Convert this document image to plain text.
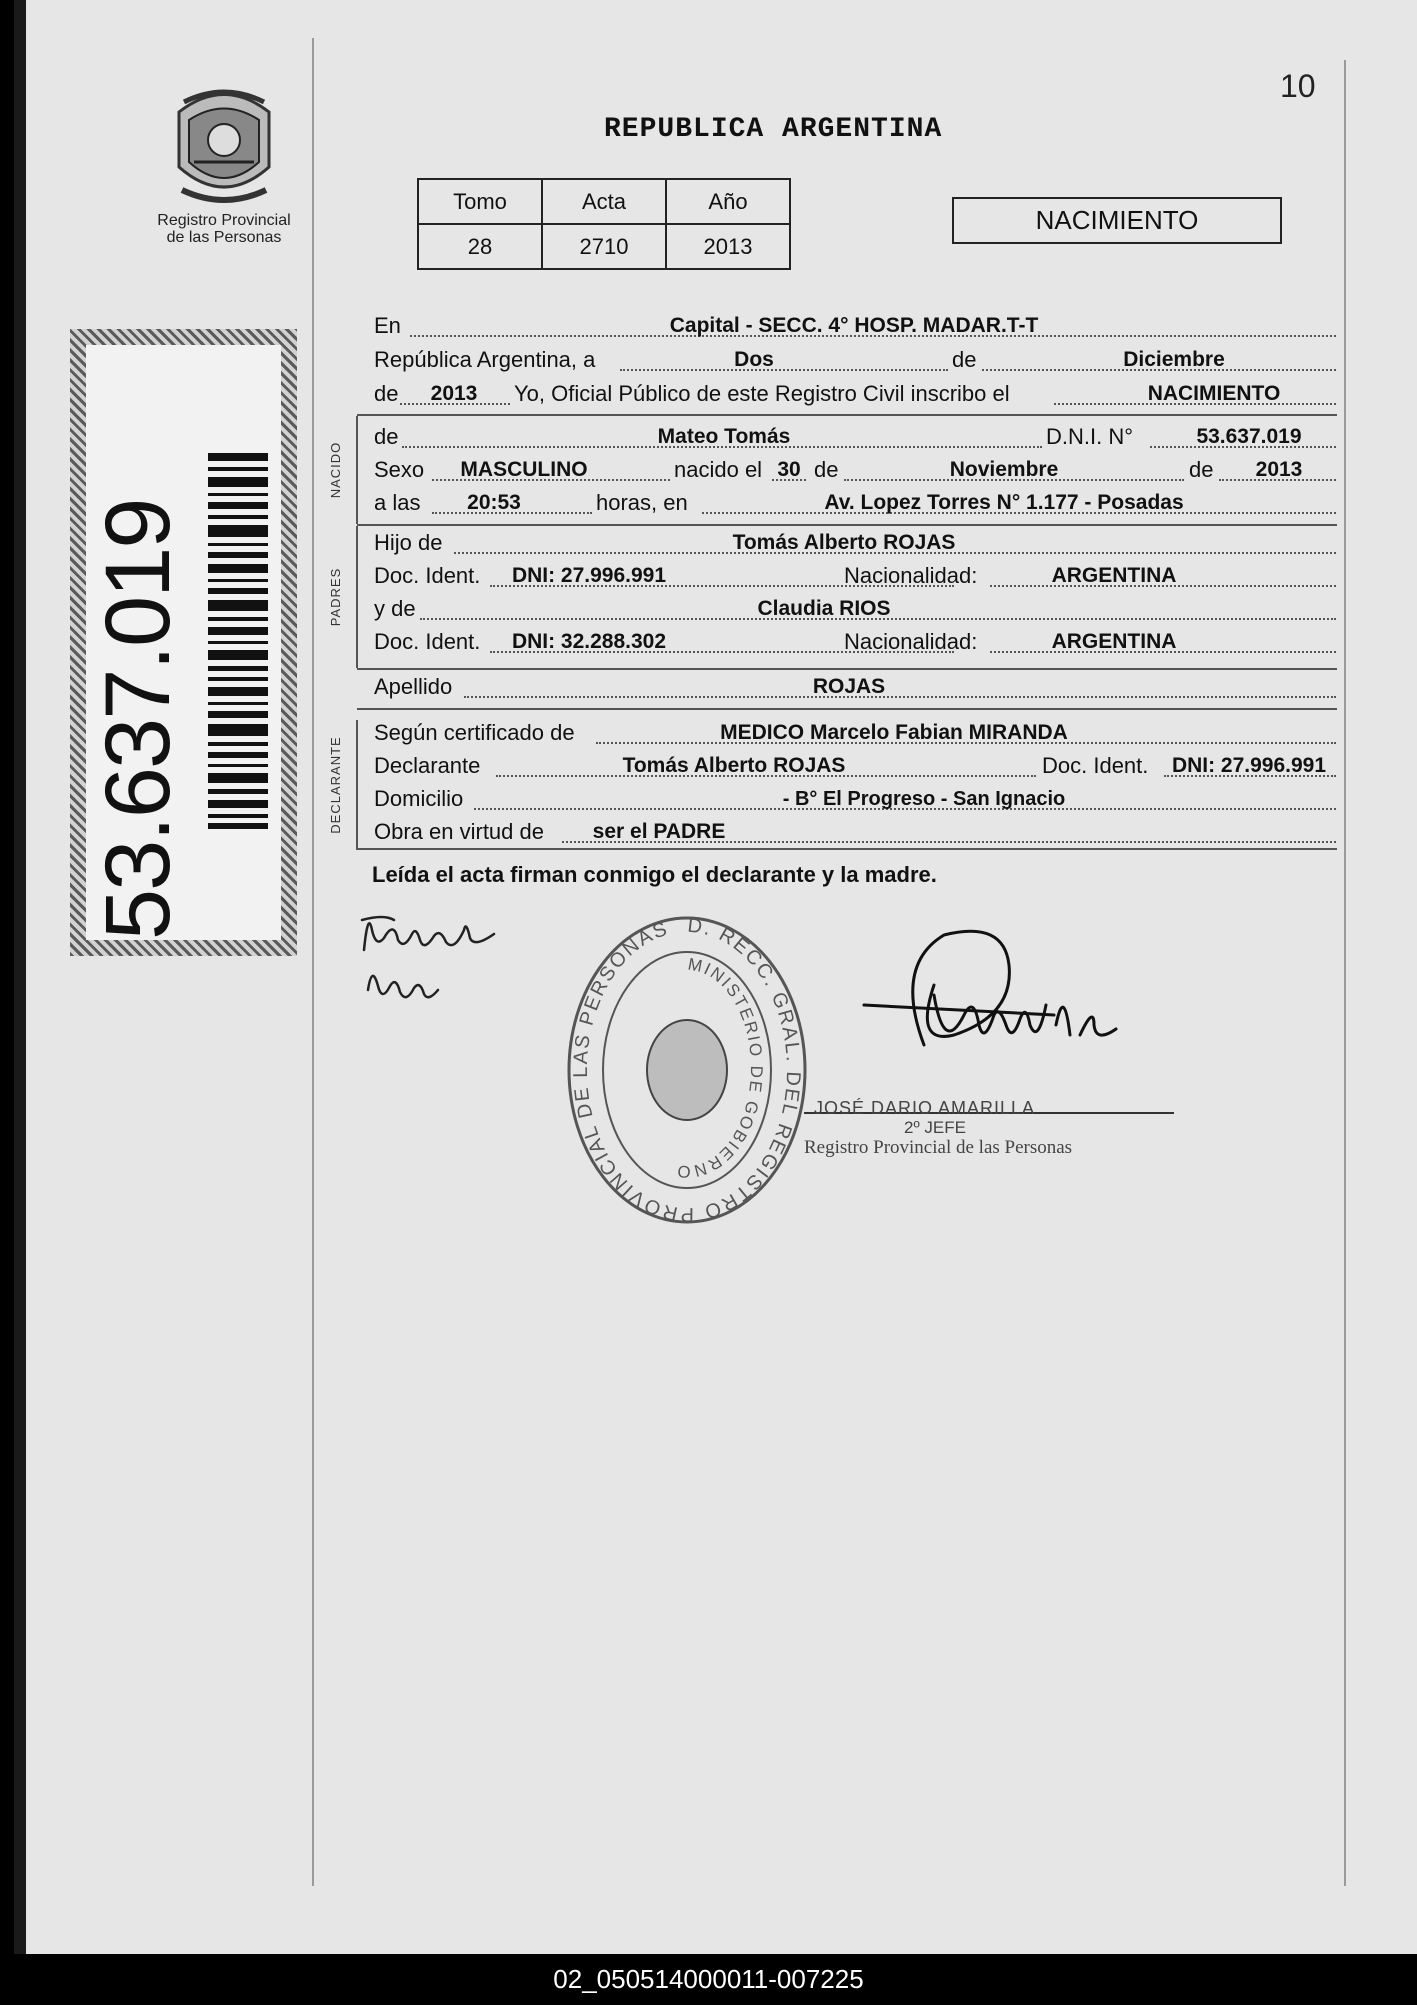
Registro Provincial
de las Personas
53.637.019
10
REPUBLICA ARGENTINA
Tomo	Acta	Año
28	2710	2013
NACIMIENTO
En	Capital - SECC. 4° HOSP. MADAR.T-T
República Argentina, a	Dos	de	Diciembre
de	2013	Yo, Oficial Público de este Registro Civil inscribo el	NACIMIENTO
NACIDO
de	Mateo Tomás	D.N.I. N°	53.637.019
Sexo	MASCULINO	nacido el 30 de	Noviembre	de	2013
a las	20:53	horas, en	Av. Lopez Torres N° 1.177 - Posadas
PADRES
Hijo de	Tomás Alberto ROJAS
Doc. Ident.	DNI: 27.996.991	Nacionalidad:	ARGENTINA
y de	Claudia RIOS
Doc. Ident.	DNI: 32.288.302	Nacionalidad:	ARGENTINA
Apellido	ROJAS
DECLARANTE
Según certificado de	MEDICO Marcelo Fabian MIRANDA
Declarante	Tomás Alberto ROJAS	Doc. Ident.	DNI: 27.996.991
Domicilio	- B° El Progreso - San Ignacio
Obra en virtud de	ser el PADRE
Leída el acta firman conmigo el declarante y la madre.
D. RECC. GRAL. DEL REGISTRO PROVINCIAL DE LAS PERSONAS
MINISTERIO DE GOBIERNO
JOSÉ DARIO AMARILLA
2º JEFE
Registro Provincial de las Personas
02_050514000011-007225
